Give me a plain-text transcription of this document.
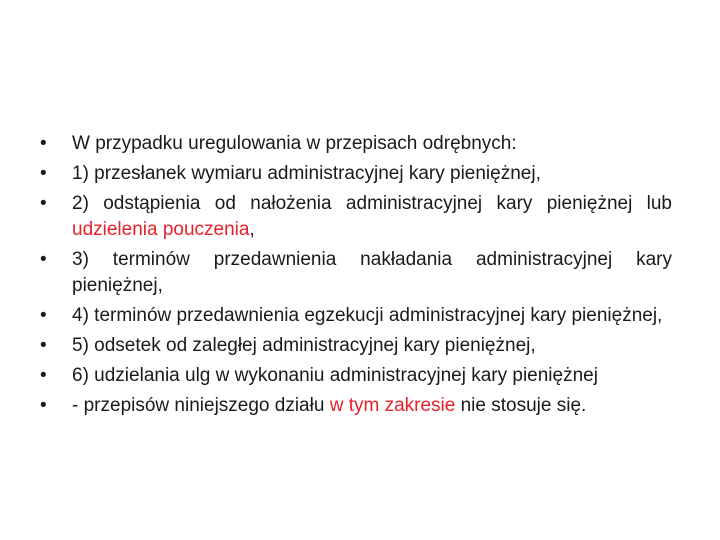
•	W przypadku uregulowania w przepisach odrębnych:
•	1) przesłanek wymiaru administracyjnej kary pieniężnej,
•	2) odstąpienia od nałożenia administracyjnej kary pieniężnej lub udzielenia pouczenia,
•	3) terminów przedawnienia nakładania administracyjnej kary pieniężnej,
•	4) terminów przedawnienia egzekucji administracyjnej kary pieniężnej,
•	5) odsetek od zaległej administracyjnej kary pieniężnej,
•	6) udzielania ulg w wykonaniu administracyjnej kary pieniężnej
•	- przepisów niniejszego działu w tym zakresie nie stosuje się.
